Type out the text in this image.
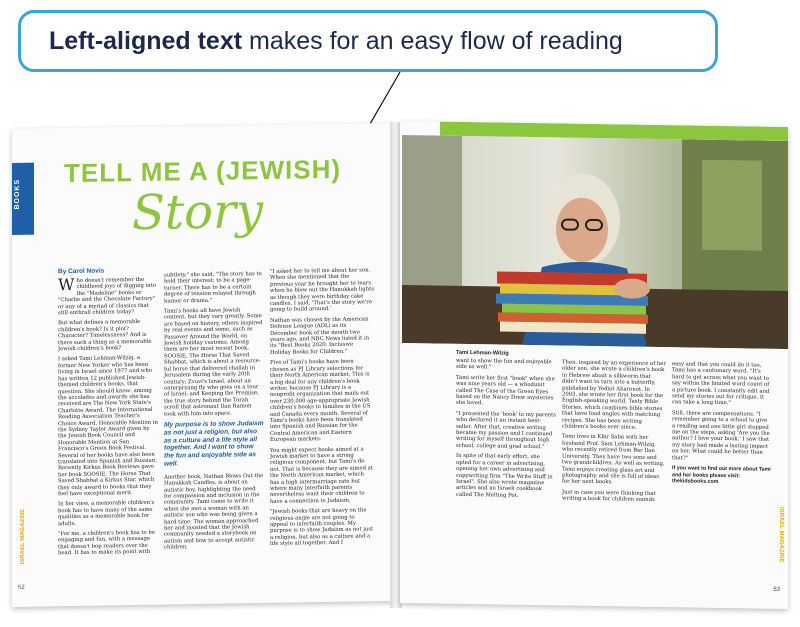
Left-aligned text makes for an easy flow of reading
BOOKS
TELL ME A (JEWISH)
Story
By Carol Novis

Who doesn't remember the childhood joys of digging into the "Madeline" books or "Charlie and the Chocolate Factory" or any of a myriad of classics that still enthrall children today?

But what defines a memorable children's book? Is it plot? Character? Timelessness? And is there such a thing as a memorable Jewish children's book?

I asked Tami Lehman-Wilzig, a former New Yorker who has been living in Israel since 1977 and who has written 12 published Jewish-themed children's books, that question. She should know: among the accolades and awards she has received are The New York State's Charlotte Award, The International Reading Association Teacher's Choice Award, Honorable Mention in the Sydney Taylor Award given by the Jewish Book Council and Honorable Mention at San Francisco's Green Book Festival. Several of her books have also been translated into Spanish and Russian. Recently Kirkus Book Reviews gave her book SOOSIE, The Horse That Saved Shabbat a Kirkus Star, which they only award to books that they feel have exceptional merit.

In her view, a memorable children's book has to have many of the same qualities as a memorable book for adults.

"For me, a children's book has to be engaging and fun, with a message that doesn't bop readers over the head. It has to make its point with

subtlety," she said. "The story has to hold their interest; to be a page-turner. There has to be a certain degree of tension relayed through humor or drama."

Tami's books all have Jewish content, but they vary greatly. Some are based on history, others inspired by real events and some, such as Passover Around the World, on Jewish holiday customs. Among them are her most recent book, SOOSIE, The Horse That Saved Shabbat, which is about a resource-ful horse that delivered challah in Jerusalem during the early 20th century; Zvuvi's Israel, about an enterprising fly who goes on a tour of Israel; and Keeping the Promise, the true story behind the Torah scroll that astronaut Ilan Ramon took with him into space.

My purpose is to show Judaism as not just a religion, but also as a culture and a life style all together. And I want to show the fun and enjoyable side as well.

Another book, Nathan Blows Out the Hanukkah Candles, is about an autistic boy, highlighting the need for compassion and inclusion in the community. Tami came to write it when she met a woman with an autistic son who was being given a hard time. The woman approached her and insisted that the Jewish community needed a storybook on autism and how to accept autistic children.

"I asked her to tell me about her son. When she mentioned that the previous year he brought her to tears when he blew out the Hanukkah lights as though they were birthday cake candles, I said, 'That's the story we're going to build around.'

Nathan was chosen by the American Defense League (ADL) as its December book of the month two years ago, and NBC News listed it in its "Best Books 2020: Inclusive Holiday Books for Children."

Five of Tami's books have been chosen as PJ Library selections for their North American market. This is a big deal for any children's book writer, because PJ Library is a nonprofit organization that mails out over 230,000 age-appropriate Jewish children's books to families in the US and Canada every month. Several of Tami's books have been translated into Spanish and Russian for the Central American and Eastern European markets.

You might expect books aimed at a Jewish market to have a strong religious component, but Tami's do not. That is because they are aimed at the North American market, which has a high intermarriage rate but where many interfaith parents nevertheless want their children to have a connection to Judaism.

"Jewish books that are heavy on the religious angle are not going to appeal to interfaith couples. My purpose is to show Judaism as not just a religion, but also as a culture and a life style all together. And I

ISRAEL MAGAZINE
52
Tami Lehman-Wilzig

want to show the fun and enjoyable side as well."

Tami write her first "book" when she was nine years old — a whodunit called The Case of the Green Eyes based on the Nancy Drew mysteries she loved.

"I presented the 'book' to my parents who declared it an instant best-seller. After that, creative writing became my passion and I continued writing for myself throughout high school, college and grad school."

In spite of that early effort, she opted for a career in advertising, opening her own advertising and copywriting firm "The Write Stuff in Israel". She also wrote magazine articles and an Israeli cookbook called The Melting Pot.

Then, inspired by an experience of her older son, she wrote a children's book in Hebrew about a silkworm that didn't want to turn into a butterfly, published by Yediot Aharonot. In 2003, she wrote her first book for the English-speaking world, Tasty Bible Stories, which combines bible stories that have food angles with matching recipes. She has been writing children's books ever since.

Tami lives in Kfar Saba with her husband Prof. Sam Lehman-Wilzig, who recently retired from Bar Ilan University. They have two sons and two grandchildren. As well as writing, Tami enjoys creating glass art and photography, and she is full of ideas for her next books.

Just in case you were thinking that writing a book for children sounds

easy and that you could do it too, Tami has a cautionary word. "It's hard to get across what you want to say within the limited word count of a picture book. I constantly edit and send my stories out for critique. It can take a long time."

Still, there are compensations. "I remember going to a school to give a reading and one little girl stopped me on the steps, asking 'Are you the author? I love your book.' I saw that my story had made a lasting impact on her. What could be better than that?"

If you want to find out more about Tami and her books please visit: thekidsbooks.com

ISRAEL MAGAZINE
53
